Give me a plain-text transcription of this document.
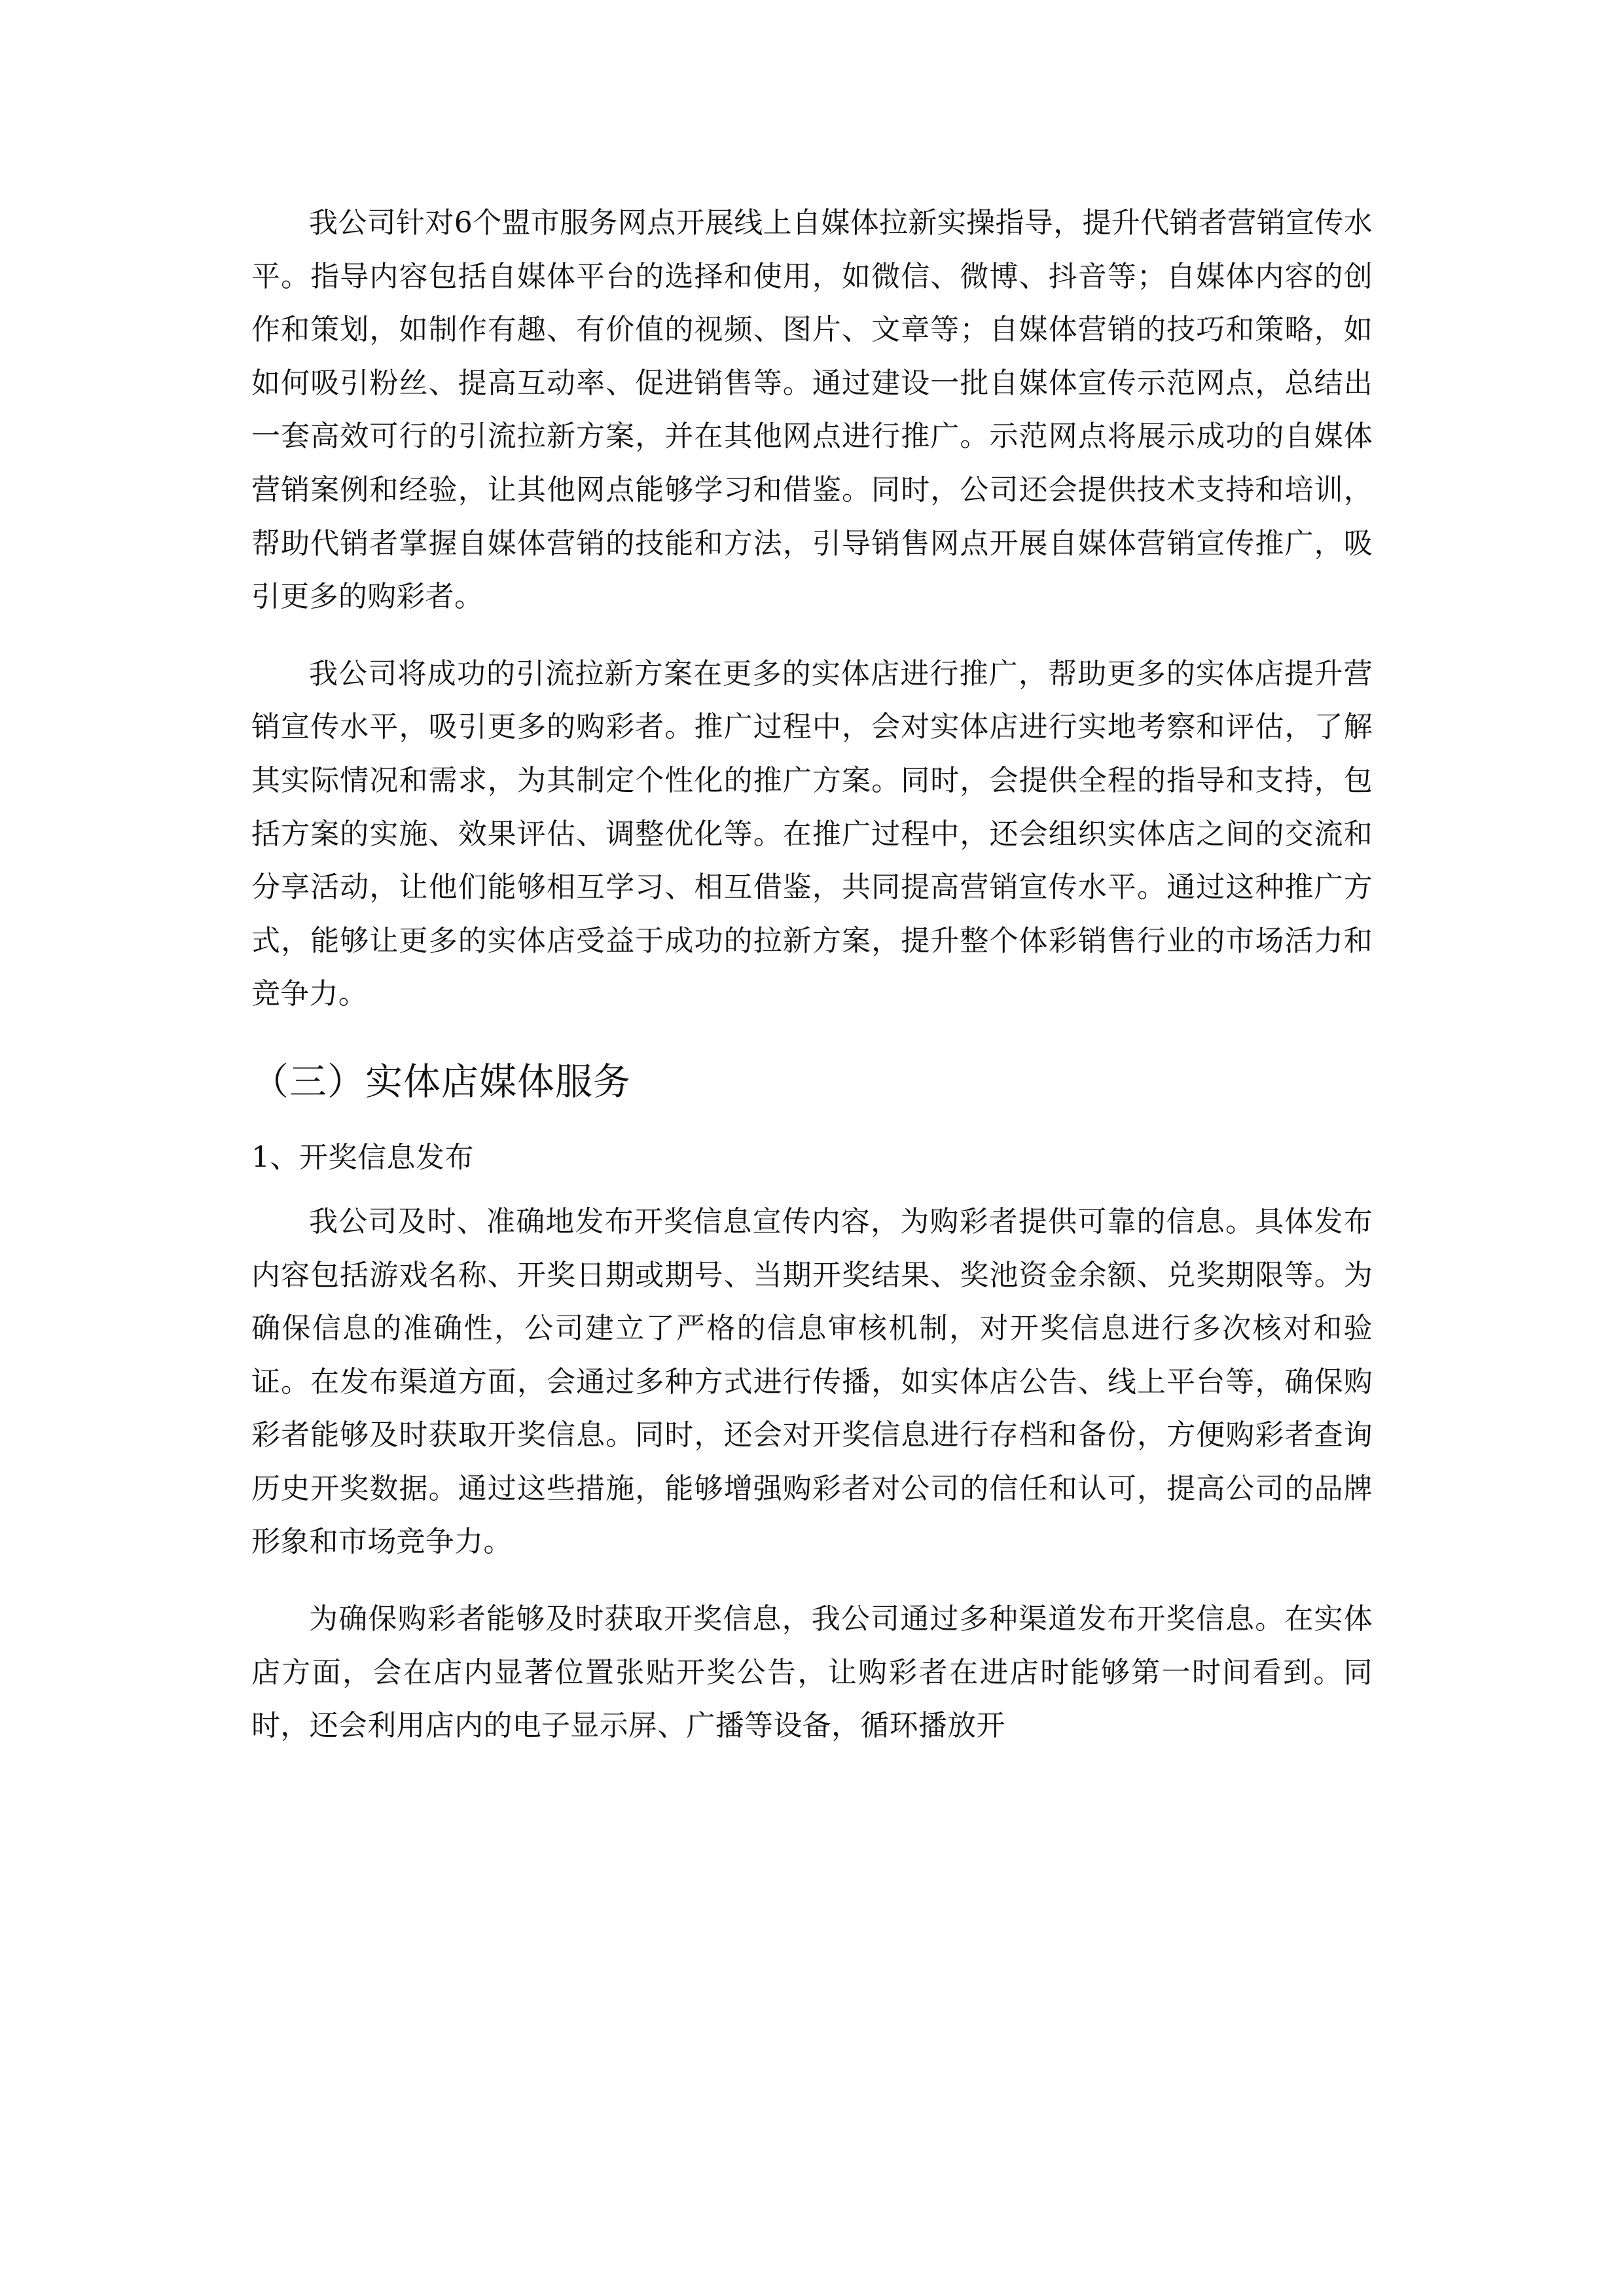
我公司针对6个盟市服务网点开展线上自媒体拉新实操指导，提升代销者营销宣传水平。指导内容包括自媒体平台的选择和使用，如微信、微博、抖音等；自媒体内容的创作和策划，如制作有趣、有价值的视频、图片、文章等；自媒体营销的技巧和策略，如如何吸引粉丝、提高互动率、促进销售等。通过建设一批自媒体宣传示范网点，总结出一套高效可行的引流拉新方案，并在其他网点进行推广。示范网点将展示成功的自媒体营销案例和经验，让其他网点能够学习和借鉴。同时，公司还会提供技术支持和培训，帮助代销者掌握自媒体营销的技能和方法，引导销售网点开展自媒体营销宣传推广，吸引更多的购彩者。

我公司将成功的引流拉新方案在更多的实体店进行推广，帮助更多的实体店提升营销宣传水平，吸引更多的购彩者。推广过程中，会对实体店进行实地考察和评估，了解其实际情况和需求，为其制定个性化的推广方案。同时，会提供全程的指导和支持，包括方案的实施、效果评估、调整优化等。在推广过程中，还会组织实体店之间的交流和分享活动，让他们能够相互学习、相互借鉴，共同提高营销宣传水平。通过这种推广方式，能够让更多的实体店受益于成功的拉新方案，提升整个体彩销售行业的市场活力和竞争力。

（三）实体店媒体服务
1、开奖信息发布

我公司及时、准确地发布开奖信息宣传内容，为购彩者提供可靠的信息。具体发布内容包括游戏名称、开奖日期或期号、当期开奖结果、奖池资金余额、兑奖期限等。为确保信息的准确性，公司建立了严格的信息审核机制，对开奖信息进行多次核对和验证。在发布渠道方面，会通过多种方式进行传播，如实体店公告、线上平台等，确保购彩者能够及时获取开奖信息。同时，还会对开奖信息进行存档和备份，方便购彩者查询历史开奖数据。通过这些措施，能够增强购彩者对公司的信任和认可，提高公司的品牌形象和市场竞争力。

为确保购彩者能够及时获取开奖信息，我公司通过多种渠道发布开奖信息。在实体店方面，会在店内显著位置张贴开奖公告，让购彩者在进店时能够第一时间看到。同时，还会利用店内的电子显示屏、广播等设备，循环播放开
